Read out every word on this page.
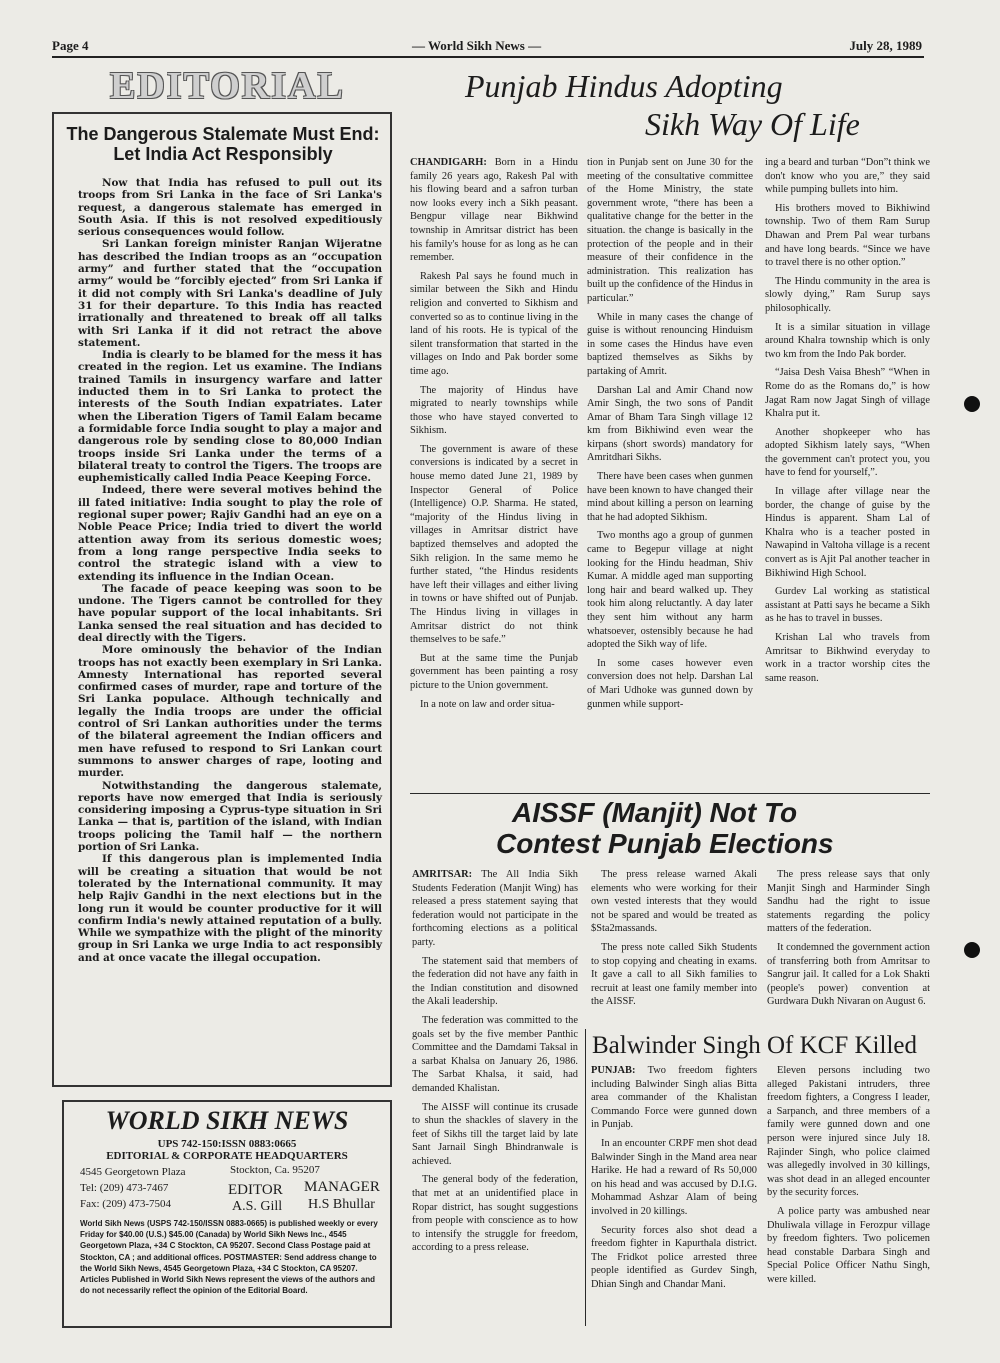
Page 4	— World Sikh News —	July 28, 1989
EDITORIAL
The Dangerous Stalemate Must End: Let India Act Responsibly

Now that India has refused to pull out its troops from Sri Lanka in the face of Sri Lanka's request, a dangerous stalemate has emerged in South Asia. If this is not resolved expeditiously serious consequences would follow.

Sri Lankan foreign minister Ranjan Wijeratne has described the Indian troops as an “occupation army” and further stated that the “occupation army” would be “forcibly ejected” from Sri Lanka if it did not comply with Sri Lanka's deadline of July 31 for their departure. To this India has reacted irrationally and threatened to break off all talks with Sri Lanka if it did not retract the above statement.

India is clearly to be blamed for the mess it has created in the region. Let us examine. The Indians trained Tamils in insurgency warfare and latter inducted them in to Sri Lanka to protect the interests of the South Indian expatriates. Later when the Liberation Tigers of Tamil Ealam became a formidable force India sought to play a major and dangerous role by sending close to 80,000 Indian troops inside Sri Lanka under the terms of a bilateral treaty to control the Tigers. The troops are euphemistically called India Peace Keeping Force.

Indeed, there were several motives behind the ill fated initiative: India sought to play the role of regional super power; Rajiv Gandhi had an eye on a Noble Peace Price; India tried to divert the world attention away from its serious domestic woes; from a long range perspective India seeks to control the strategic island with a view to extending its influence in the Indian Ocean.

The facade of peace keeping was soon to be undone. The Tigers cannot be controlled for they have popular support of the local inhabitants. Sri Lanka sensed the real situation and has decided to deal directly with the Tigers.

More ominously the behavior of the Indian troops has not exactly been exemplary in Sri Lanka. Amnesty International has reported several confirmed cases of murder, rape and torture of the Sri Lanka populace. Although technically and legally the India troops are under the official control of Sri Lankan authorities under the terms of the bilateral agreement the Indian officers and men have refused to respond to Sri Lankan court summons to answer charges of rape, looting and murder.

Notwithstanding the dangerous stalemate, reports have now emerged that India is seriously considering imposing a Cyprus-type situation in Sri Lanka — that is, partition of the island, with Indian troops policing the Tamil half — the northern portion of Sri Lanka.

If this dangerous plan is implemented India will be creating a situation that would be not tolerated by the International community. It may help Rajiv Gandhi in the next elections but in the long run it would be counter productive for it will confirm India's newly attained reputation of a bully. While we sympathize with the plight of the minority group in Sri Lanka we urge India to act responsibly and at once vacate the illegal occupation.

WORLD SIKH NEWS
UPS 742-150:ISSN 0883:0665
EDITORIAL & CORPORATE HEADQUARTERS
4545 Georgetown Plaza
Tel: (209) 473-7467
Fax: (209) 473-7504
Stockton, Ca. 95207
EDITOR
A.S. Gill
MANAGER
H.S Bhullar
World Sikh News (USPS 742-150/ISSN 0883-0665) is published weekly or every Friday for $40.00 (U.S.) $45.00 (Canada) by World Sikh News Inc., 4545 Georgetown Plaza, +34 C Stockton, CA 95207. Second Class Postage paid at Stockton, CA ; and additional offices. POSTMASTER: Send address change to the World Sikh News, 4545 Georgetown Plaza, +34 C Stockton, CA 95207. Articles Published in World Sikh News represent the views of the authors and do not necessarily reflect the opinion of the Editorial Board.
Punjab Hindus Adopting
Sikh Way Of Life

CHANDIGARH: Born in a Hindu family 26 years ago, Rakesh Pal with his flowing beard and a safron turban now looks every inch a Sikh peasant. Bengpur village near Bikhwind township in Amritsar district has been his family's house for as long as he can remember.

Rakesh Pal says he found much in similar between the Sikh and Hindu religion and converted to Sikhism and converted so as to continue living in the land of his roots. He is typical of the silent transformation that started in the villages on Indo and Pak border some time ago.

The majority of Hindus have migrated to nearly townships while those who have stayed converted to Sikhism.

The government is aware of these conversions is indicated by a secret in house memo dated June 21, 1989 by Inspector General of Police (Intelligence) O.P. Sharma. He stated, “majority of the Hindus living in villages in Amritsar district have baptized themselves and adopted the Sikh religion. In the same memo he further stated, “the Hindus residents have left their villages and either living in towns or have shifted out of Punjab. The Hindus living in villages in Amritsar district do not think themselves to be safe.”

But at the same time the Punjab government has been painting a rosy picture to the Union government.

In a note on law and order situa-

tion in Punjab sent on June 30 for the meeting of the consultative committee of the Home Ministry, the state government wrote, “there has been a qualitative change for the better in the situation. the change is basically in the protection of the people and in their measure of their confidence in the administration. This realization has built up the confidence of the Hindus in particular.”

While in many cases the change of guise is without renouncing Hinduism in some cases the Hindus have even baptized themselves as Sikhs by partaking of Amrit.

Darshan Lal and Amir Chand now Amir Singh, the two sons of Pandit Amar of Bham Tara Singh village 12 km from Bikhiwind even wear the kirpans (short swords) mandatory for Amritdhari Sikhs.

There have been cases when gunmen have been known to have changed their mind about killing a person on learning that he had adopted Sikhism.

Two months ago a group of gunmen came to Begepur village at night looking for the Hindu headman, Shiv Kumar. A middle aged man supporting long hair and beard walked up. They took him along reluctantly. A day later they sent him without any harm whatsoever, ostensibly because he had adopted the Sikh way of life.

In some cases however even conversion does not help. Darshan Lal of Mari Udhoke was gunned down by gunmen while support-

ing a beard and turban “Don”t think we don't know who you are,” they said while pumping bullets into him.

His brothers moved to Bikhiwind township. Two of them Ram Surup Dhawan and Prem Pal wear turbans and have long beards. “Since we have to travel there is no other option.”

The Hindu community in the area is slowly dying,” Ram Surup says philosophically.

It is a similar situation in village around Khalra township which is only two km from the Indo Pak border.

“Jaisa Desh Vaisa Bhesh” “When in Rome do as the Romans do,” is how Jagat Ram now Jagat Singh of village Khalra put it.

Another shopkeeper who has adopted Sikhism lately says, “When the government can't protect you, you have to fend for yourself,”.

In village after village near the border, the change of guise by the Hindus is apparent. Sham Lal of Khalra who is a teacher posted in Nawapind in Valtoha village is a recent convert as is Ajit Pal another teacher in Bikhiwind High School.

Gurdev Lal working as statistical assistant at Patti says he became a Sikh as he has to travel in busses.

Krishan Lal who travels from Amritsar to Bikhwind everyday to work in a tractor worship cites the same reason.

AISSF (Manjit) Not To
Contest Punjab Elections

AMRITSAR: The All India Sikh Students Federation (Manjit Wing) has released a press statement saying that federation would not participate in the forthcoming elections as a political party.

The statement said that members of the federation did not have any faith in the Indian constitution and disowned the Akali leadership.

The federation was committed to the goals set by the five member Panthic Committee and the Damdami Taksal in a sarbat Khalsa on January 26, 1986. The Sarbat Khalsa, it said, had demanded Khalistan.

The AISSF will continue its crusade to shun the shackles of slavery in the feet of Sikhs till the target laid by late Sant Jarnail Singh Bhindranwale is achieved.

The general body of the federation, that met at an unidentified place in Ropar district, has sought suggestions from people with conscience as to how to intensify the struggle for freedom, according to a press release.

The press release warned Akali elements who were working for their own vested interests that they would not be spared and would be treated as $Sta2massands.

The press note called Sikh Students to stop copying and cheating in exams. It gave a call to all Sikh families to recruit at least one family member into the AISSF.

The press release says that only Manjit Singh and Harminder Singh Sandhu had the right to issue statements regarding the policy matters of the federation.

It condemned the government action of transferring both from Amritsar to Sangrur jail. It called for a Lok Shakti (people's power) convention at Gurdwara Dukh Nivaran on August 6.

Balwinder Singh Of KCF Killed

PUNJAB: Two freedom fighters including Balwinder Singh alias Bitta area commander of the Khalistan Commando Force were gunned down in Punjab.

In an encounter CRPF men shot dead Balwinder Singh in the Mand area near Harike. He had a reward of Rs 50,000 on his head and was accused by D.I.G. Mohammad Ashzar Alam of being involved in 20 killings.

Security forces also shot dead a freedom fighter in Kapurthala district. The Fridkot police arrested three people identified as Gurdev Singh, Dhian Singh and Chandar Mani.

Eleven persons including two alleged Pakistani intruders, three freedom fighters, a Congress I leader, a Sarpanch, and three members of a family were gunned down and one person were injured since July 18. Rajinder Singh, who police claimed was allegedly involved in 30 killings, was shot dead in an alleged encounter by the security forces.

A police party was ambushed near Dhuliwala village in Ferozpur village by freedom fighters. Two policemen head constable Darbara Singh and Special Police Officer Nathu Singh, were killed.
